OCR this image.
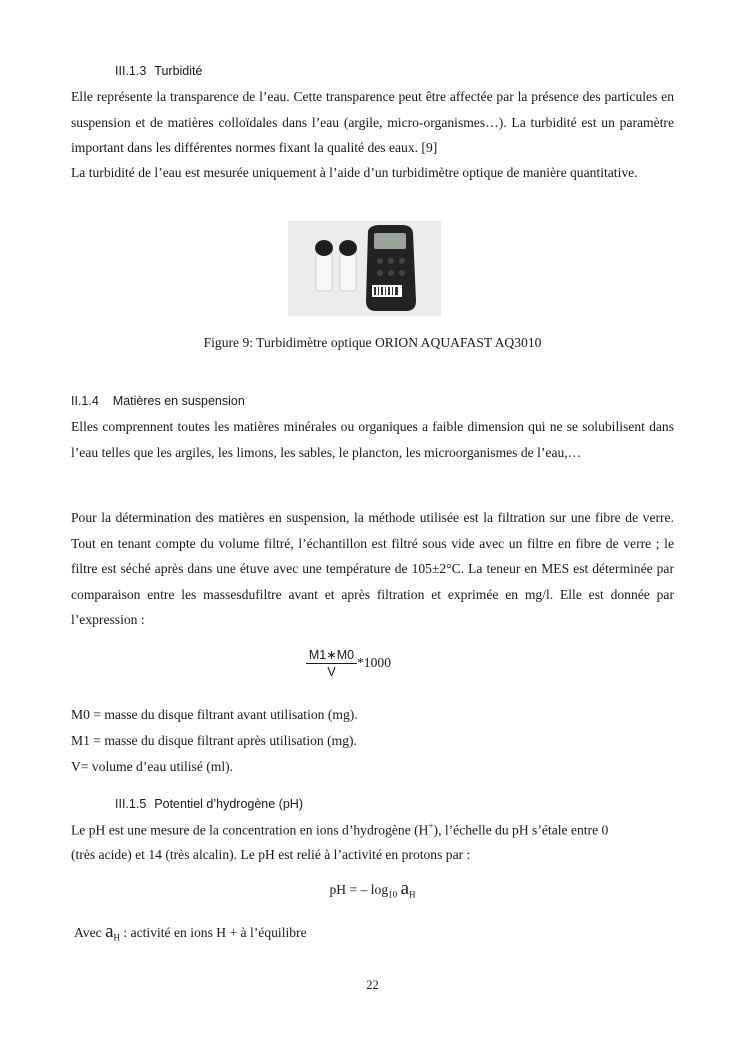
III.1.3 Turbidité

Elle représente la transparence de l’eau. Cette transparence peut être affectée par la présence des particules en suspension et de matières colloïdales dans l’eau (argile, micro-organismes…). La turbidité est un paramètre important dans les différentes normes fixant la qualité des eaux. [9]

La turbidité de l’eau est mesurée uniquement à l’aide d’un turbidimètre optique de manière quantitative.

Figure 9: Turbidimètre optique ORION AQUAFAST AQ3010
II.1.4 Matières en suspension

Elles comprennent toutes les matières minérales ou organiques a faible dimension qui ne se solubilisent dans l’eau telles que les argiles, les limons, les sables, le plancton, les microorganismes de l’eau,…

Pour la détermination des matières en suspension, la méthode utilisée est la filtration sur une fibre de verre. Tout en tenant compte du volume filtré, l’échantillon est filtré sous vide avec un filtre en fibre de verre ; le filtre est séché après dans une étuve avec une température de 105±2°C. La teneur en MES est déterminée par comparaison entre les massesdufiltre avant et après filtration et exprimée en mg/l. Elle est donnée par l’expression :

$\frac{M1∗M0}{V} *1000$
M0 = masse du disque filtrant avant utilisation (mg).
M1 = masse du disque filtrant après utilisation (mg).
V= volume d’eau utilisé (ml).
III.1.5 Potentiel d’hydrogène (pH)
Le pH est une mesure de la concentration en ions d’hydrogène (H+), l’échelle du pH s’étale entre 0
(très acide) et 14 (très alcalin). Le pH est relié à l’activité en protons par :
pH = – $\log_{10} a_H$
Avec $a_H$ : activité en ions H + à l’équilibre
22
